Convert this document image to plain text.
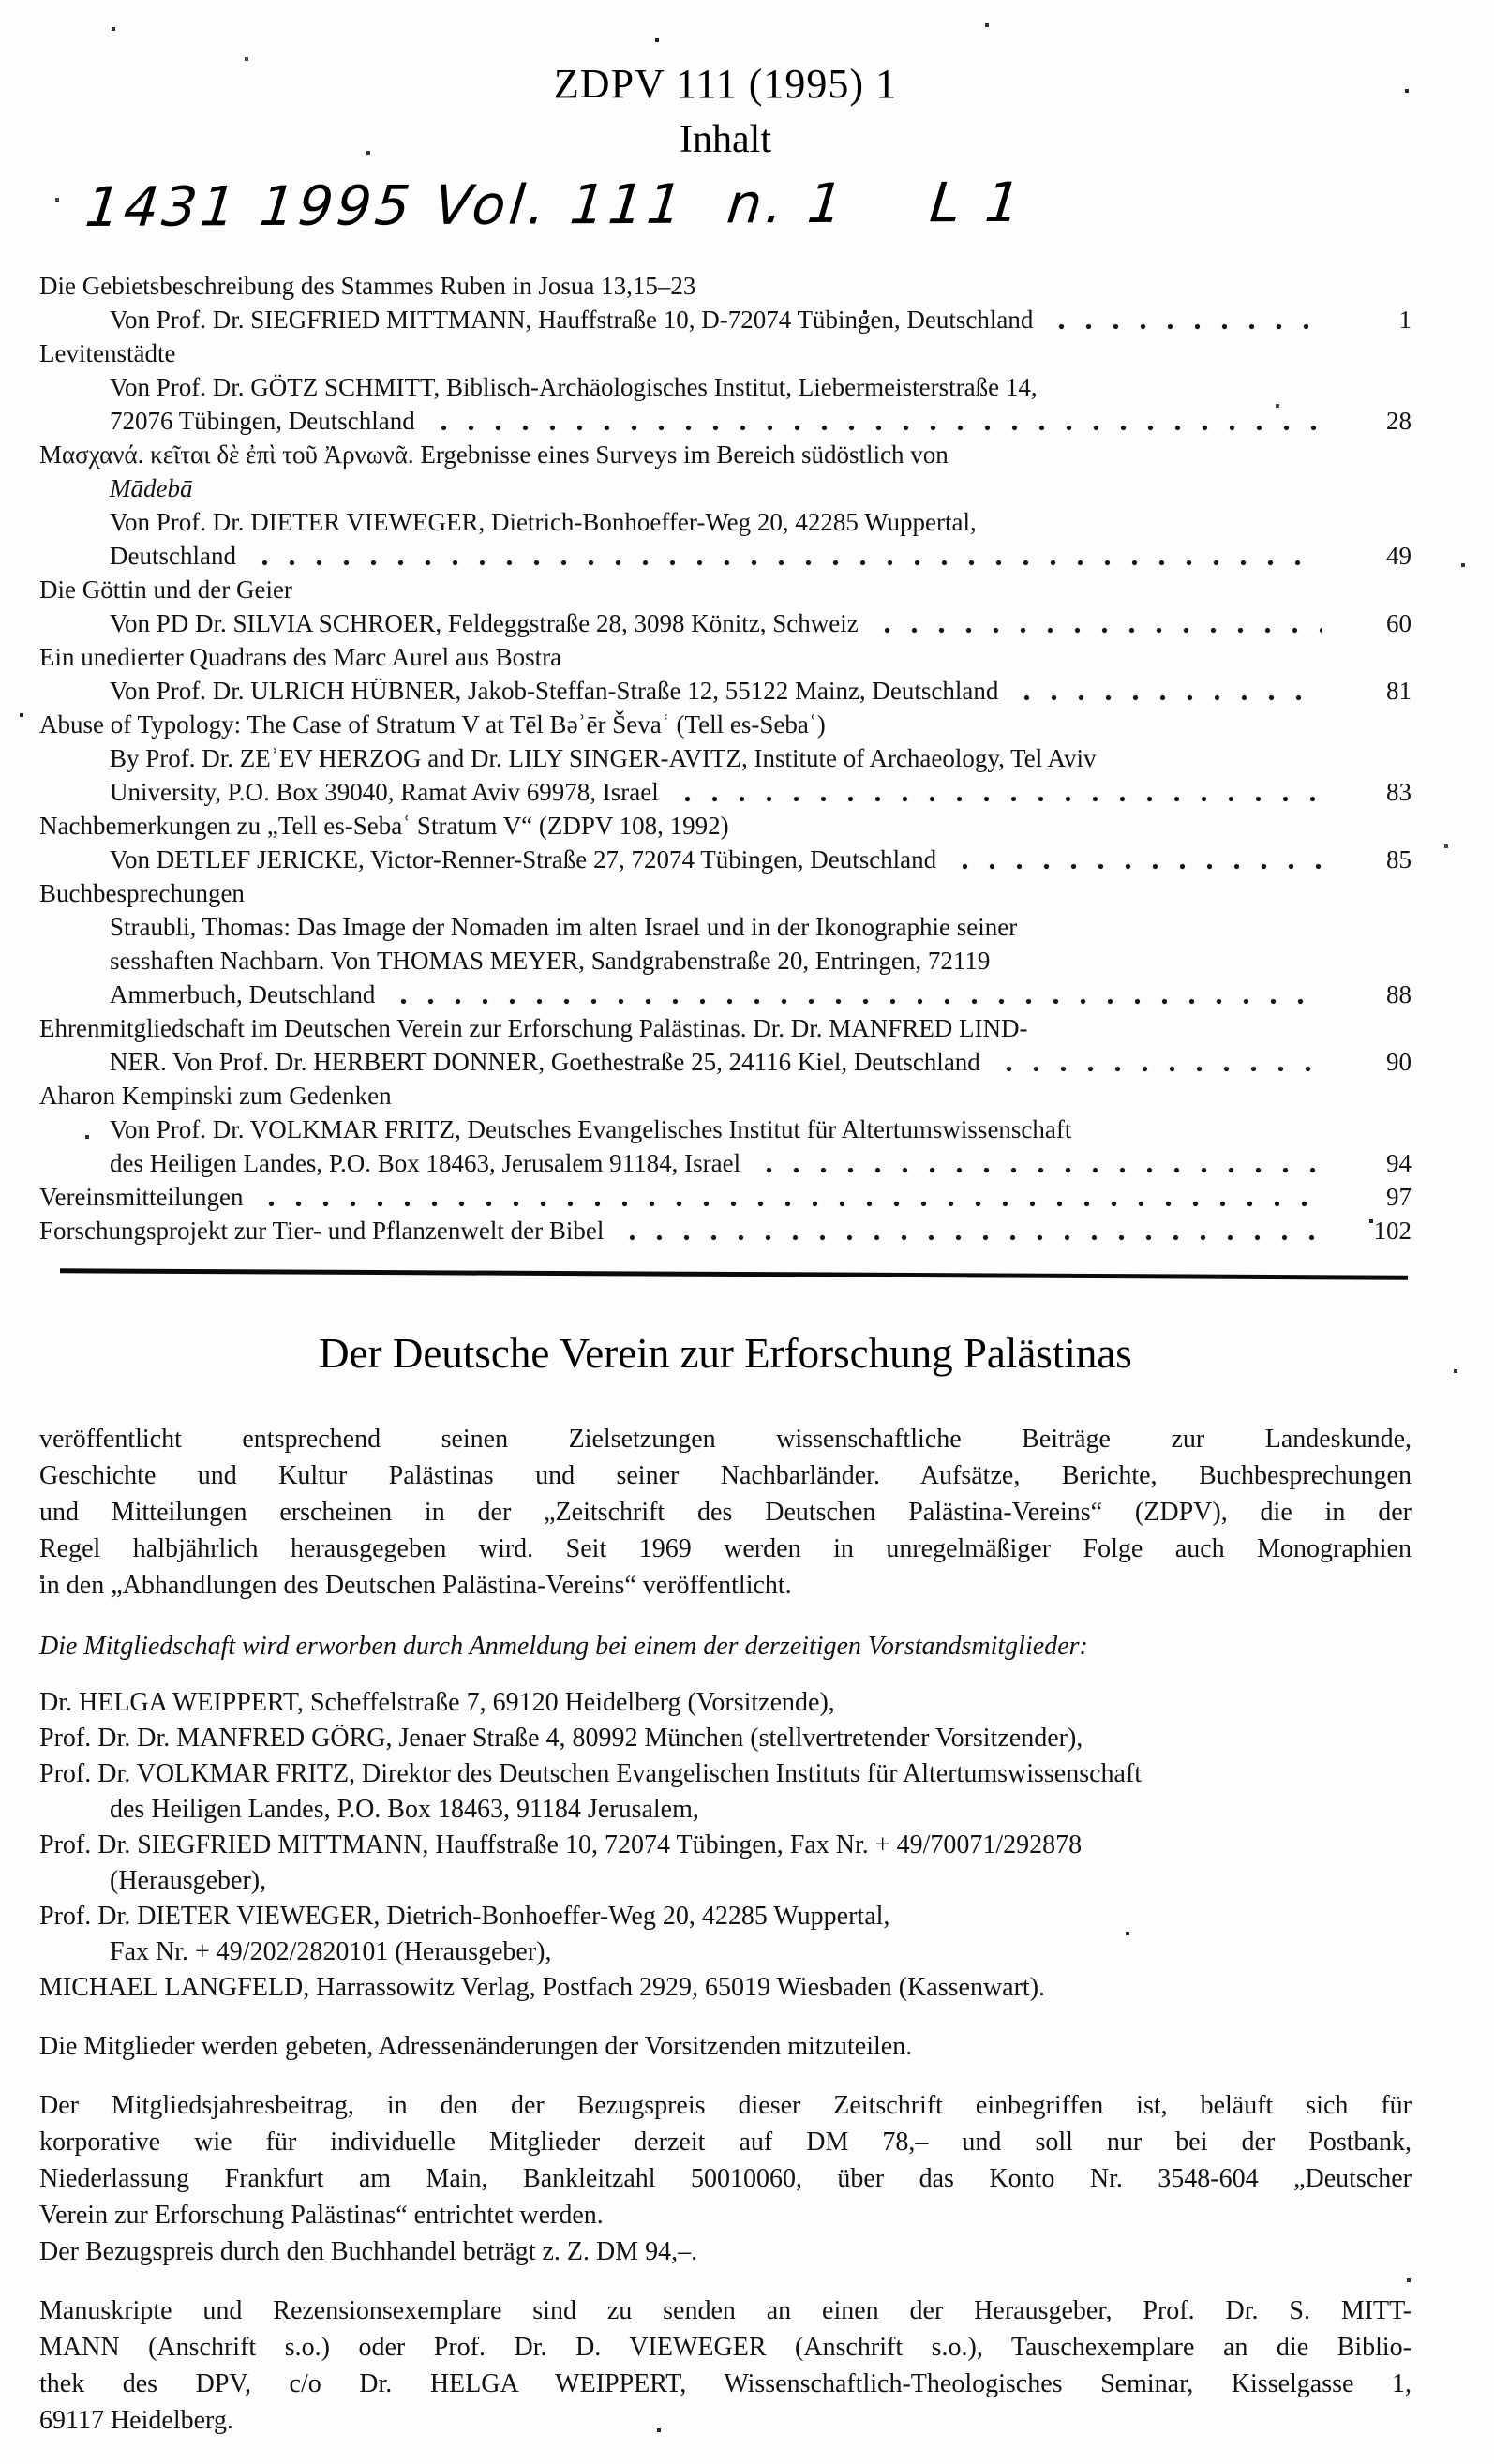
ZDPV 111 (1995) 1
Inhalt
1431 1995 Vol. 111  n. 1    L 1
Die Gebietsbeschreibung des Stammes Ruben in Josua 13,15–23
Von Prof. Dr. SIEGFRIED MITTMANN, Hauffstraße 10, D-72074 Tübingen, Deutschland	1
Levitenstädte
Von Prof. Dr. GÖTZ SCHMITT, Biblisch-Archäologisches Institut, Liebermeisterstraße 14,
72076 Tübingen, Deutschland	28
Μασχανά. κεῖται δὲ ἐπὶ τοῦ Ἀρνωνᾶ. Ergebnisse eines Surveys im Bereich südöstlich von
Mādebā
Von Prof. Dr. DIETER VIEWEGER, Dietrich-Bonhoeffer-Weg 20, 42285 Wuppertal,
Deutschland	49
Die Göttin und der Geier
Von PD Dr. SILVIA SCHROER, Feldeggstraße 28, 3098 Könitz, Schweiz	60
Ein unedierter Quadrans des Marc Aurel aus Bostra
Von Prof. Dr. ULRICH HÜBNER, Jakob-Steffan-Straße 12, 55122 Mainz, Deutschland	81
Abuse of Typology: The Case of Stratum V at Tēl Bəʾēr Ševaʿ (Tell es-Sebaʿ)
By Prof. Dr. ZEʾEV HERZOG and Dr. LILY SINGER-AVITZ, Institute of Archaeology, Tel Aviv
University, P.O. Box 39040, Ramat Aviv 69978, Israel	83
Nachbemerkungen zu „Tell es-Sebaʿ Stratum V“ (ZDPV 108, 1992)
Von DETLEF JERICKE, Victor-Renner-Straße 27, 72074 Tübingen, Deutschland	85
Buchbesprechungen
Straubli, Thomas: Das Image der Nomaden im alten Israel und in der Ikonographie seiner
sesshaften Nachbarn. Von THOMAS MEYER, Sandgrabenstraße 20, Entringen, 72119
Ammerbuch, Deutschland	88
Ehrenmitgliedschaft im Deutschen Verein zur Erforschung Palästinas. Dr. Dr. MANFRED LIND-
NER. Von Prof. Dr. HERBERT DONNER, Goethestraße 25, 24116 Kiel, Deutschland	90
Aharon Kempinski zum Gedenken
Von Prof. Dr. VOLKMAR FRITZ, Deutsches Evangelisches Institut für Altertumswissenschaft
des Heiligen Landes, P.O. Box 18463, Jerusalem 91184, Israel	94
Vereinsmitteilungen	97
Forschungsprojekt zur Tier- und Pflanzenwelt der Bibel	102
Der Deutsche Verein zur Erforschung Palästinas
veröffentlicht entsprechend seinen Zielsetzungen wissenschaftliche Beiträge zur Landeskunde,
Geschichte und Kultur Palästinas und seiner Nachbarländer. Aufsätze, Berichte, Buchbesprechungen
und Mitteilungen erscheinen in der „Zeitschrift des Deutschen Palästina-Vereins“ (ZDPV), die in der
Regel halbjährlich herausgegeben wird. Seit 1969 werden in unregelmäßiger Folge auch Monographien
in den „Abhandlungen des Deutschen Palästina-Vereins“ veröffentlicht.
Die Mitgliedschaft wird erworben durch Anmeldung bei einem der derzeitigen Vorstandsmitglieder:
Dr. HELGA WEIPPERT, Scheffelstraße 7, 69120 Heidelberg (Vorsitzende),
Prof. Dr. Dr. MANFRED GÖRG, Jenaer Straße 4, 80992 München (stellvertretender Vorsitzender),
Prof. Dr. VOLKMAR FRITZ, Direktor des Deutschen Evangelischen Instituts für Altertumswissenschaft
des Heiligen Landes, P.O. Box 18463, 91184 Jerusalem,
Prof. Dr. SIEGFRIED MITTMANN, Hauffstraße 10, 72074 Tübingen, Fax Nr. + 49/70071/292878
(Herausgeber),
Prof. Dr. DIETER VIEWEGER, Dietrich-Bonhoeffer-Weg 20, 42285 Wuppertal,
Fax Nr. + 49/202/2820101 (Herausgeber),
MICHAEL LANGFELD, Harrassowitz Verlag, Postfach 2929, 65019 Wiesbaden (Kassenwart).
Die Mitglieder werden gebeten, Adressenänderungen der Vorsitzenden mitzuteilen.
Der Mitgliedsjahresbeitrag, in den der Bezugspreis dieser Zeitschrift einbegriffen ist, beläuft sich für
korporative wie für individuelle Mitglieder derzeit auf DM 78,– und soll nur bei der Postbank,
Niederlassung Frankfurt am Main, Bankleitzahl 50010060, über das Konto Nr. 3548-604 „Deutscher
Verein zur Erforschung Palästinas“ entrichtet werden.
Der Bezugspreis durch den Buchhandel beträgt z. Z. DM 94,–.
Manuskripte und Rezensionsexemplare sind zu senden an einen der Herausgeber, Prof. Dr. S. MITT-
MANN (Anschrift s.o.) oder Prof. Dr. D. VIEWEGER (Anschrift s.o.), Tauschexemplare an die Biblio-
thek des DPV, c/o Dr. HELGA WEIPPERT, Wissenschaftlich-Theologisches Seminar, Kisselgasse 1,
69117 Heidelberg.
